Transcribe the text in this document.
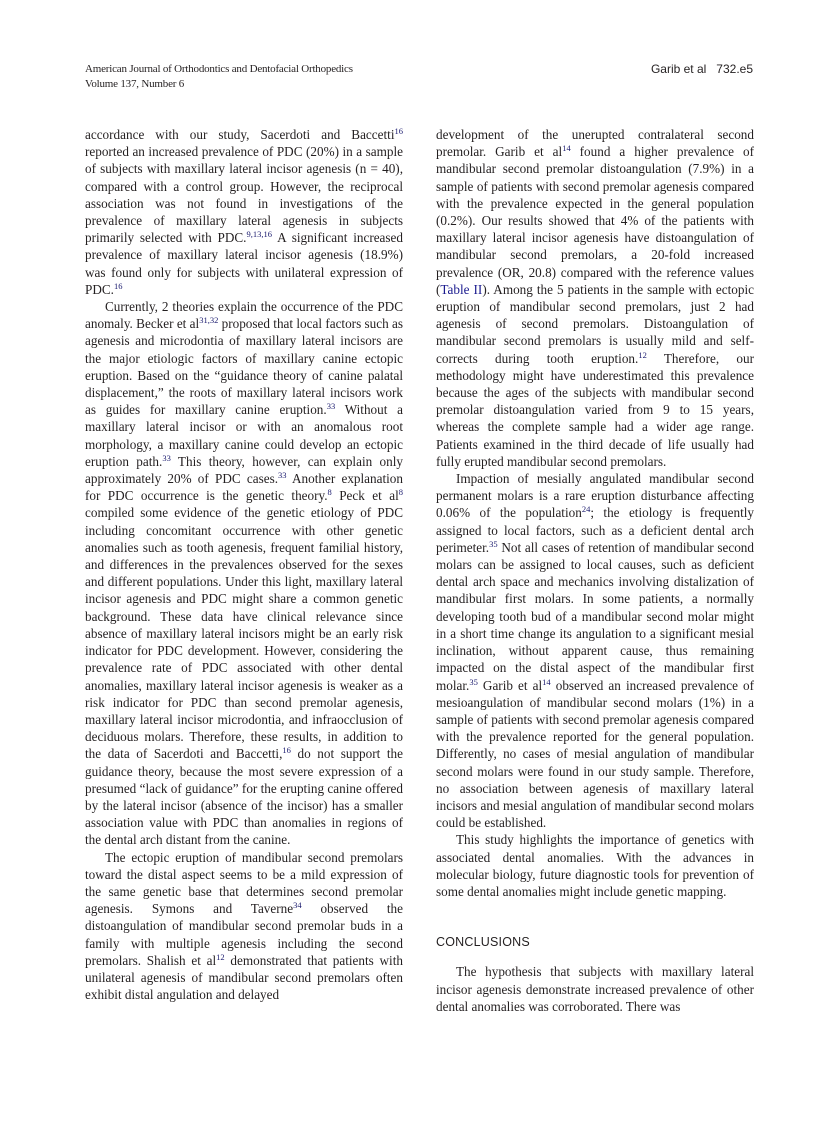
American Journal of Orthodontics and Dentofacial Orthopedics
Volume 137, Number 6
Garib et al 732.e5

accordance with our study, Sacerdoti and Baccetti$^{16}$ reported an increased prevalence of PDC (20%) in a sample of subjects with maxillary lateral incisor agenesis (n = 40), compared with a control group. However, the reciprocal association was not found in investigations of the prevalence of maxillary lateral agenesis in subjects primarily selected with PDC.$^{9,13,16}$ A significant increased prevalence of maxillary lateral incisor agenesis (18.9%) was found only for subjects with unilateral expression of PDC.$^{16}$

Currently, 2 theories explain the occurrence of the PDC anomaly. Becker et al$^{31,32}$ proposed that local factors such as agenesis and microdontia of maxillary lateral incisors are the major etiologic factors of maxillary canine ectopic eruption. Based on the “guidance theory of canine palatal displacement,” the roots of maxillary lateral incisors work as guides for maxillary canine eruption.$^{33}$ Without a maxillary lateral incisor or with an anomalous root morphology, a maxillary canine could develop an ectopic eruption path.$^{33}$ This theory, however, can explain only approximately 20% of PDC cases.$^{33}$ Another explanation for PDC occurrence is the genetic theory.$^8$ Peck et $al^8$ compiled some evidence of the genetic etiology of PDC including concomitant occurrence with other genetic anomalies such as tooth agenesis, frequent familial history, and differences in the prevalences observed for the sexes and different populations. Under this light, maxillary lateral incisor agenesis and PDC might share a common genetic background. These data have clinical relevance since absence of maxillary lateral incisors might be an early risk indicator for PDC development. However, considering the prevalence rate of PDC associated with other dental anomalies, maxillary lateral incisor agenesis is weaker as a risk indicator for PDC than second premolar agenesis, maxillary lateral incisor microdontia, and infraocclusion of deciduous molars. Therefore, these results, in addition to the data of Sacerdoti and Baccetti,$^{16}$ do not support the guidance theory, because the most severe expression of a presumed “lack of guidance” for the erupting canine offered by the lateral incisor (absence of the incisor) has a smaller association value with PDC than anomalies in regions of the dental arch distant from the canine.

The ectopic eruption of mandibular second premolars toward the distal aspect seems to be a mild expression of the same genetic base that determines second premolar agenesis. Symons and Taverne$^{34}$ observed the distoangulation of mandibular second premolar buds in a family with multiple agenesis including the second premolars. Shalish et $al^{12}$ demonstrated that patients with unilateral agenesis of mandibular second premolars often exhibit distal angulation and delayed

development of the unerupted contralateral second premolar. Garib et $al^{14}$ found a higher prevalence of mandibular second premolar distoangulation (7.9%) in a sample of patients with second premolar agenesis compared with the prevalence expected in the general population (0.2%). Our results showed that 4% of the patients with maxillary lateral incisor agenesis have distoangulation of mandibular second premolars, a 20-fold increased prevalence (OR, 20.8) compared with the reference values (Table II). Among the 5 patients in the sample with ectopic eruption of mandibular second premolars, just 2 had agenesis of second premolars. Distoangulation of mandibular second premolars is usually mild and self-corrects during tooth eruption.$^{12}$ Therefore, our methodology might have underestimated this prevalence because the ages of the subjects with mandibular second premolar distoangulation varied from 9 to 15 years, whereas the complete sample had a wider age range. Patients examined in the third decade of life usually had fully erupted mandibular second premolars.

Impaction of mesially angulated mandibular second permanent molars is a rare eruption disturbance affecting 0.06% of the population$^{24}$; the etiology is frequently assigned to local factors, such as a deficient dental arch perimeter.$^{35}$ Not all cases of retention of mandibular second molars can be assigned to local causes, such as deficient dental arch space and mechanics involving distalization of mandibular first molars. In some patients, a normally developing tooth bud of a mandibular second molar might in a short time change its angulation to a significant mesial inclination, without apparent cause, thus remaining impacted on the distal aspect of the mandibular first molar.$^{35}$ Garib et $al^{14}$ observed an increased prevalence of mesioangulation of mandibular second molars (1%) in a sample of patients with second premolar agenesis compared with the prevalence reported for the general population. Differently, no cases of mesial angulation of mandibular second molars were found in our study sample. Therefore, no association between agenesis of maxillary lateral incisors and mesial angulation of mandibular second molars could be established.

This study highlights the importance of genetics with associated dental anomalies. With the advances in molecular biology, future diagnostic tools for prevention of some dental anomalies might include genetic mapping.

CONCLUSIONS

The hypothesis that subjects with maxillary lateral incisor agenesis demonstrate increased prevalence of other dental anomalies was corroborated. There was
